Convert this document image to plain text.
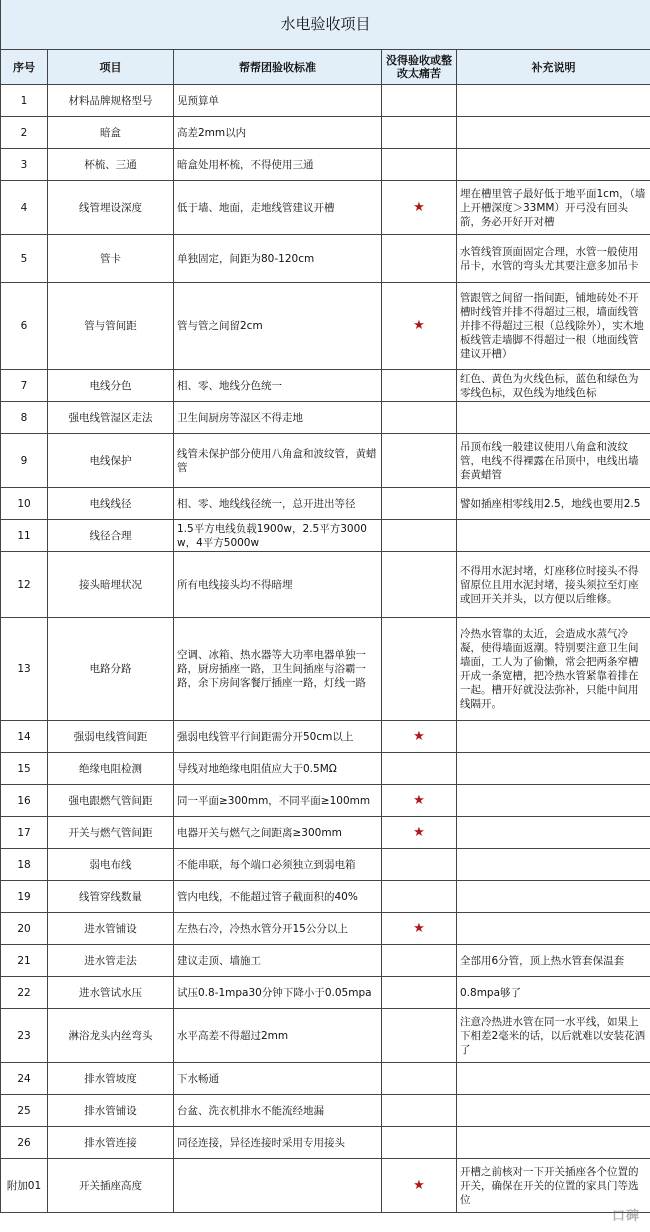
水电验收项目				
序号	项目	帮帮团验收标准	没得验收或整改太痛苦	补充说明
1	材料品牌规格型号	见预算单		
2	暗盒	高差2mm以内		
3	杯梳、三通	暗盒处用杯梳，不得使用三通		
4	线管埋设深度	低于墙、地面，走地线管建议开槽	★	埋在槽里管子最好低于地平面1cm，（墙上开槽深度＞33MM）开弓没有回头箭，务必开好开对槽
5	管卡	单独固定，间距为80-120cm		水管线管顶面固定合理，水管一般使用吊卡，水管的弯头尤其要注意多加吊卡
6	管与管间距	管与管之间留2cm	★	管跟管之间留一指间距，铺地砖处不开槽时线管并排不得超过三根，墙面线管并排不得超过三根（总线除外），实木地板线管走墙脚不得超过一根（地面线管建议开槽）
7	电线分色	相、零、地线分色统一		红色、黄色为火线色标，蓝色和绿色为零线色标，双色线为地线色标
8	强电线管湿区走法	卫生间厨房等湿区不得走地		
9	电线保护	线管未保护部分使用八角盒和波纹管，黄蜡管		吊顶布线一般建议使用八角盒和波纹管，电线不得裸露在吊顶中，电线出墙套黄蜡管
10	电线线径	相、零、地线线径统一，总开进出等径		譬如插座相零线用2.5，地线也要用2.5
11	线径合理	1.5平方电线负载1900w，2.5平方3000w，4平方5000w		
12	接头暗埋状况	所有电线接头均不得暗埋		不得用水泥封堵，灯座移位时接头不得留原位且用水泥封堵，接头须拉至灯座或回开关并头，以方便以后维修。
13	电路分路	空调、冰箱、热水器等大功率电器单独一路，厨房插座一路，卫生间插座与浴霸一路，余下房间客餐厅插座一路，灯线一路		冷热水管靠的太近，会造成水蒸气冷凝，使得墙面返潮。特别要注意卫生间墙面，工人为了偷懒，常会把两条窄槽开成一条宽槽，把冷热水管紧靠着排在一起。槽开好就没法弥补，只能中间用线隔开。
14	强弱电线管间距	强弱电线管平行间距需分开50cm以上	★	
15	绝缘电阻检测	导线对地绝缘电阻值应大于0.5MΩ		
16	强电跟燃气管间距	同一平面≥300mm，不同平面≥100mm	★	
17	开关与燃气管间距	电器开关与燃气之间距离≥300mm	★	
18	弱电布线	不能串联，每个端口必须独立到弱电箱		
19	线管穿线数量	管内电线，不能超过管子截面积的40%		
20	进水管铺设	左热右冷，冷热水管分开15公分以上	★	
21	进水管走法	建议走顶、墙施工		全部用6分管，顶上热水管套保温套
22	进水管试水压	试压0.8-1mpa30分钟下降小于0.05mpa		0.8mpa够了
23	淋浴龙头内丝弯头	水平高差不得超过2mm		注意冷热进水管在同一水平线，如果上下相差2毫米的话，以后就难以安装花洒了
24	排水管坡度	下水畅通		
25	排水管铺设	台盆、洗衣机排水不能流经地漏		
26	排水管连接	同径连接，异径连接时采用专用接头		
附加01	开关插座高度		★	开槽之前核对一下开关插座各个位置的开关，确保在开关的位置的家具门等选位
口碑
